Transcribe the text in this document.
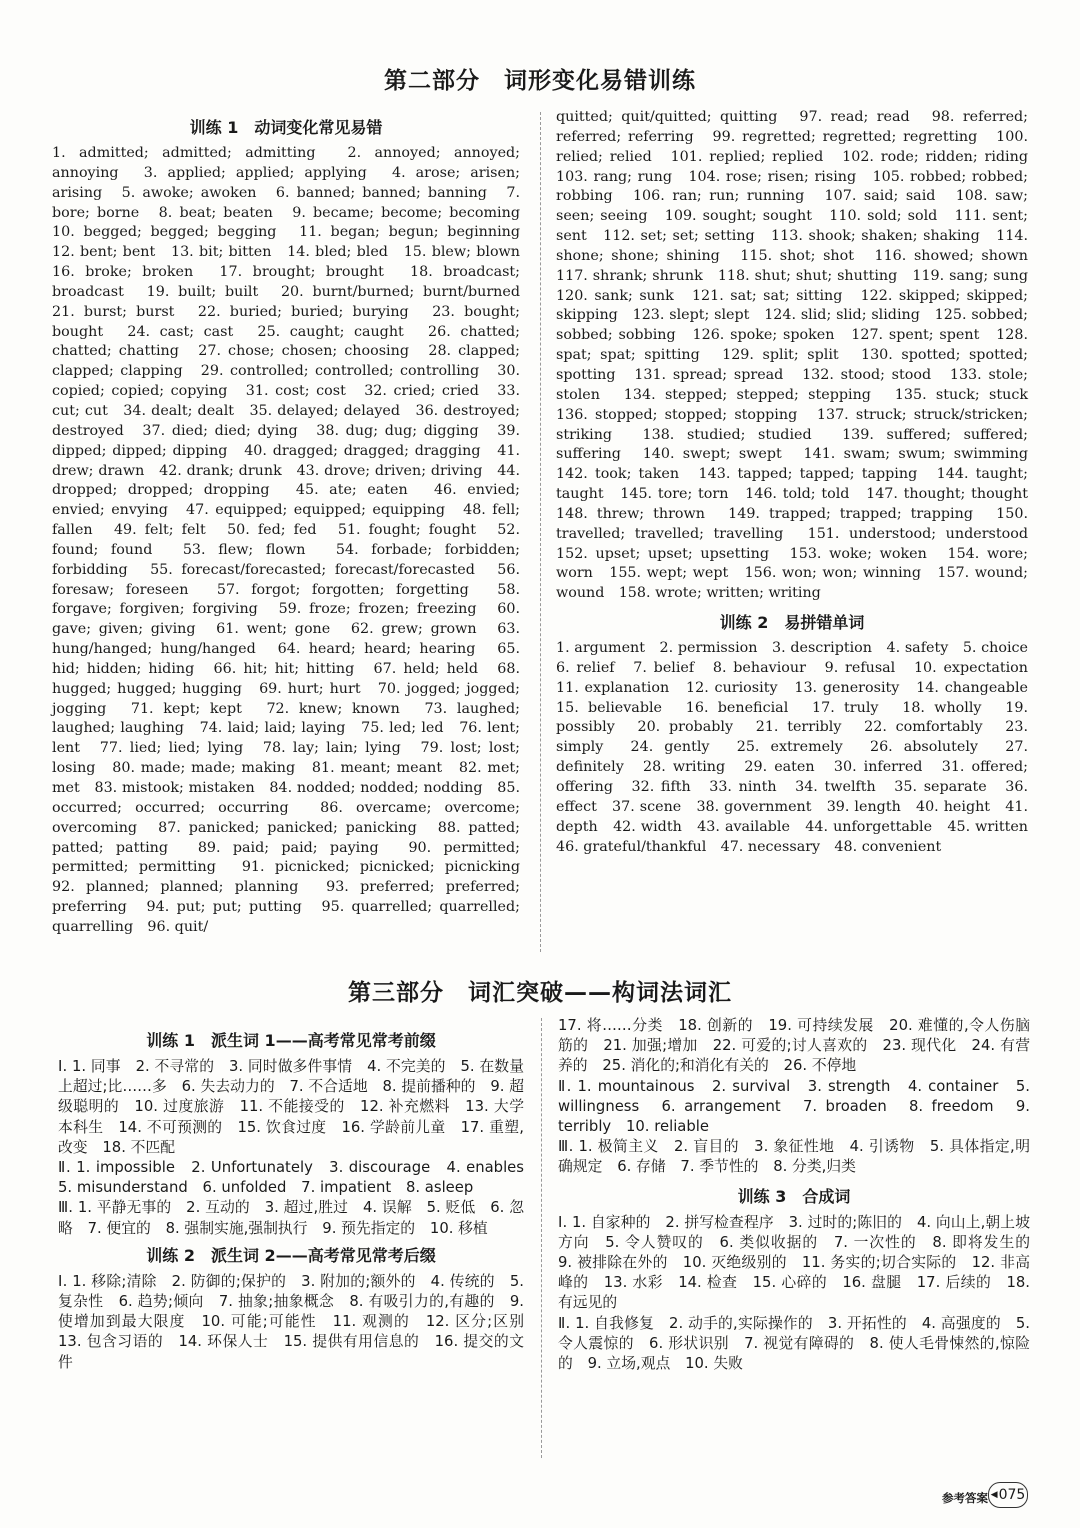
第二部分　词形变化易错训练
训练 1　动词变化常见易错

1. admitted; admitted; admitting　2. annoyed; annoyed; annoying　3. applied; applied; applying　4. arose; arisen; arising　5. awoke; awoken　6. banned; banned; banning　7. bore; borne　8. beat; beaten　9. became; become; becoming　10. begged; begged; begging　11. began; begun; beginning　12. bent; bent　13. bit; bitten　14. bled; bled　15. blew; blown　16. broke; broken　17. brought; brought　18. broadcast; broadcast　19. built; built　20. burnt/burned; burnt/burned　21. burst; burst　22. buried; buried; burying　23. bought; bought　24. cast; cast　25. caught; caught　26. chatted; chatted; chatting　27. chose; chosen; choosing　28. clapped; clapped; clapping　29. controlled; controlled; controlling　30. copied; copied; copying　31. cost; cost　32. cried; cried　33. cut; cut　34. dealt; dealt　35. delayed; delayed　36. destroyed; destroyed　37. died; died; dying　38. dug; dug; digging　39. dipped; dipped; dipping　40. dragged; dragged; dragging　41. drew; drawn　42. drank; drunk　43. drove; driven; driving　44. dropped; dropped; dropping　45. ate; eaten　46. envied; envied; envying　47. equipped; equipped; equipping　48. fell; fallen　49. felt; felt　50. fed; fed　51. fought; fought　52. found; found　53. flew; flown　54. forbade; forbidden; forbidding　55. forecast/forecasted; forecast/forecasted　56. foresaw; foreseen　57. forgot; forgotten; forgetting　58. forgave; forgiven; forgiving　59. froze; frozen; freezing　60. gave; given; giving　61. went; gone　62. grew; grown　63. hung/hanged; hung/hanged　64. heard; heard; hearing　65. hid; hidden; hiding　66. hit; hit; hitting　67. held; held　68. hugged; hugged; hugging　69. hurt; hurt　70. jogged; jogged; jogging　71. kept; kept　72. knew; known　73. laughed; laughed; laughing　74. laid; laid; laying　75. led; led　76. lent; lent　77. lied; lied; lying　78. lay; lain; lying　79. lost; lost; losing　80. made; made; making　81. meant; meant　82. met; met　83. mistook; mistaken　84. nodded; nodded; nodding　85. occurred; occurred; occurring　86. overcame; overcome; overcoming　87. panicked; panicked; panicking　88. patted; patted; patting　89. paid; paid; paying　90. permitted; permitted; permitting　91. picnicked; picnicked; picnicking　92. planned; planned; planning　93. preferred; preferred; preferring　94. put; put; putting　95. quarrelled; quarrelled; quarrelling　96. quit/

quitted; quit/quitted; quitting　97. read; read　98. referred; referred; referring　99. regretted; regretted; regretting　100. relied; relied　101. replied; replied　102. rode; ridden; riding　103. rang; rung　104. rose; risen; rising　105. robbed; robbed; robbing　106. ran; run; running　107. said; said　108. saw; seen; seeing　109. sought; sought　110. sold; sold　111. sent; sent　112. set; set; setting　113. shook; shaken; shaking　114. shone; shone; shining　115. shot; shot　116. showed; shown　117. shrank; shrunk　118. shut; shut; shutting　119. sang; sung　120. sank; sunk　121. sat; sat; sitting　122. skipped; skipped; skipping　123. slept; slept　124. slid; slid; sliding　125. sobbed; sobbed; sobbing　126. spoke; spoken　127. spent; spent　128. spat; spat; spitting　129. split; split　130. spotted; spotted; spotting　131. spread; spread　132. stood; stood　133. stole; stolen　134. stepped; stepped; stepping　135. stuck; stuck　136. stopped; stopped; stopping　137. struck; struck/stricken; striking　138. studied; studied　139. suffered; suffered; suffering　140. swept; swept　141. swam; swum; swimming　142. took; taken　143. tapped; tapped; tapping　144. taught; taught　145. tore; torn　146. told; told　147. thought; thought　148. threw; thrown　149. trapped; trapped; trapping　150. travelled; travelled; travelling　151. understood; understood　152. upset; upset; upsetting　153. woke; woken　154. wore; worn　155. wept; wept　156. won; won; winning　157. wound; wound　158. wrote; written; writing

训练 2　易拼错单词

1. argument　2. permission　3. description　4. safety　5. choice　6. relief　7. belief　8. behaviour　9. refusal　10. expectation　11. explanation　12. curiosity　13. generosity　14. changeable　15. believable　16. beneficial　17. truly　18. wholly　19. possibly　20. probably　21. terribly　22. comfortably　23. simply　24. gently　25. extremely　26. absolutely　27. definitely　28. writing　29. eaten　30. inferred　31. offered; offering　32. fifth　33. ninth　34. twelfth　35. separate　36. effect　37. scene　38. government　39. length　40. height　41. depth　42. width　43. available　44. unforgettable　45. written　46. grateful/thankful　47. necessary　48. convenient

第三部分　词汇突破——构词法词汇
训练 1　派生词 1——高考常见常考前缀

Ⅰ. 1. 同事　2. 不寻常的　3. 同时做多件事情　4. 不完美的　5. 在数量上超过;比……多　6. 失去动力的　7. 不合适地　8. 提前播种的　9. 超级聪明的　10. 过度旅游　11. 不能接受的　12. 补充燃料　13. 大学本科生　14. 不可预测的　15. 饮食过度　16. 学龄前儿童　17. 重塑,改变　18. 不匹配

Ⅱ. 1. impossible　2. Unfortunately　3. discourage　4. enables　5. misunderstand　6. unfolded　7. impatient　8. asleep

Ⅲ. 1. 平静无事的　2. 互动的　3. 超过,胜过　4. 误解　5. 贬低　6. 忽略　7. 便宜的　8. 强制实施,强制执行　9. 预先指定的　10. 移植

训练 2　派生词 2——高考常见常考后缀

Ⅰ. 1. 移除;清除　2. 防御的;保护的　3. 附加的;额外的　4. 传统的　5. 复杂性　6. 趋势;倾向　7. 抽象;抽象概念　8. 有吸引力的,有趣的　9. 使增加到最大限度　10. 可能;可能性　11. 观测的　12. 区分;区别　13. 包含习语的　14. 环保人士　15. 提供有用信息的　16. 提交的文件

17. 将……分类　18. 创新的　19. 可持续发展　20. 难懂的,令人伤脑筋的　21. 加强;增加　22. 可爱的;讨人喜欢的　23. 现代化　24. 有营养的　25. 消化的;和消化有关的　26. 不停地

Ⅱ. 1. mountainous　2. survival　3. strength　4. container　5. willingness　6. arrangement　7. broaden　8. freedom　9. terribly　10. reliable

Ⅲ. 1. 极简主义　2. 盲目的　3. 象征性地　4. 引诱物　5. 具体指定,明确规定　6. 存储　7. 季节性的　8. 分类,归类

训练 3　合成词

Ⅰ. 1. 自家种的　2. 拼写检查程序　3. 过时的;陈旧的　4. 向山上,朝上坡方向　5. 令人赞叹的　6. 类似收据的　7. 一次性的　8. 即将发生的　9. 被排除在外的　10. 灭绝级别的　11. 务实的;切合实际的　12. 非高峰的　13. 水彩　14. 检查　15. 心碎的　16. 盘腿　17. 后续的　18. 有远见的

Ⅱ. 1. 自我修复　2. 动手的,实际操作的　3. 开拓性的　4. 高强度的　5. 令人震惊的　6. 形状识别　7. 视觉有障碍的　8. 使人毛骨悚然的,惊险的　9. 立场,观点　10. 失败

参考答案 ◀ 075
